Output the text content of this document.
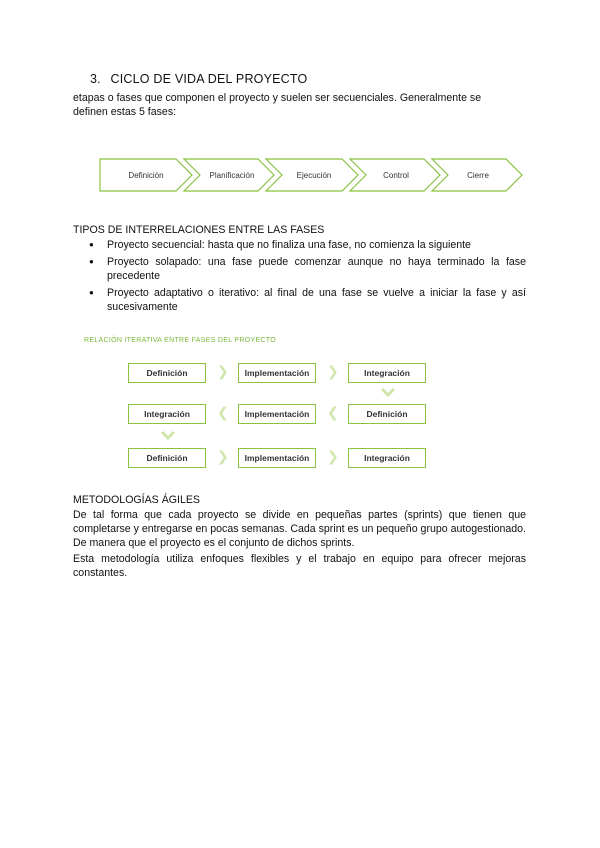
3. CICLO DE VIDA DEL PROYECTO
etapas o fases que componen el proyecto y suelen ser secuenciales. Generalmente se definen estas 5 fases:
Definición	Planificación	Ejecución	Control	Cierre
TIPOS DE INTERRELACIONES ENTRE LAS FASES
● Proyecto secuencial: hasta que no finaliza una fase, no comienza la siguiente
● Proyecto solapado: una fase puede comenzar aunque no haya terminado la fase precedente
● Proyecto adaptativo o iterativo: al final de una fase se vuelve a iniciar la fase y así sucesivamente
RELACIÓN ITERATIVA ENTRE FASES DEL PROYECTO
Definición	❯	Implementación	❯	Integración
Integración	❮	Implementación	❮	Definición
Definición	❯	Implementación	❯	Integración
METODOLOGÍAS ÁGILES
De tal forma que cada proyecto se divide en pequeñas partes (sprints) que tienen que completarse y entregarse en pocas semanas. Cada sprint es un pequeño grupo autogestionado. De manera que el proyecto es el conjunto de dichos sprints.
Esta metodología utiliza enfoques flexibles y el trabajo en equipo para ofrecer mejoras constantes.
